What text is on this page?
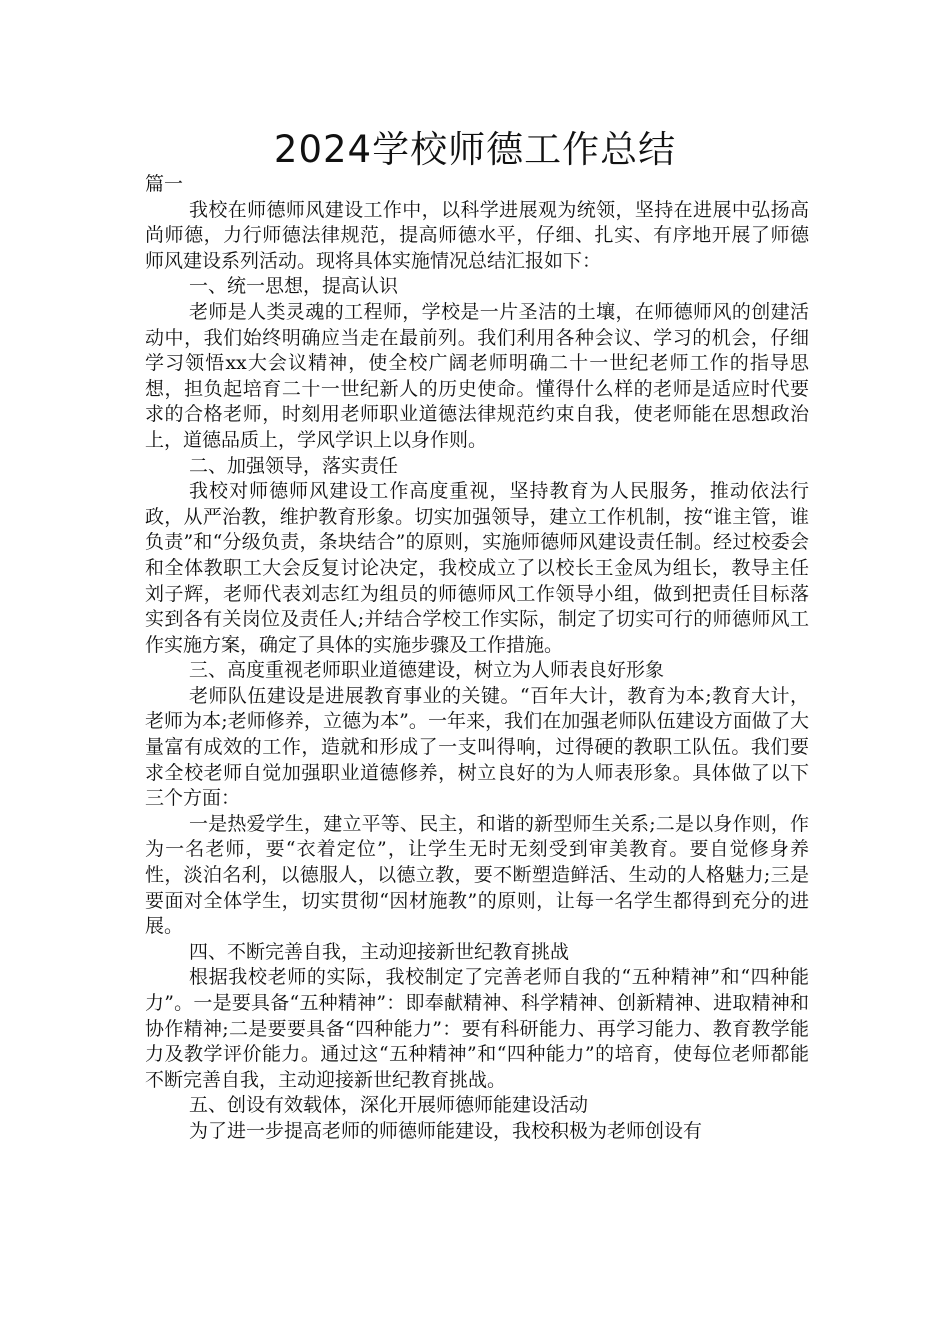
2024学校师德工作总结

篇一

我校在师德师风建设工作中，以科学进展观为统领，坚持在进展中弘扬高尚师德，力行师德法律规范，提高师德水平，仔细、扎实、有序地开展了师德师风建设系列活动。现将具体实施情况总结汇报如下：

一、统一思想，提高认识

老师是人类灵魂的工程师，学校是一片圣洁的土壤，在师德师风的创建活动中，我们始终明确应当走在最前列。我们利用各种会议、学习的机会，仔细学习领悟xx大会议精神，使全校广阔老师明确二十一世纪老师工作的指导思想，担负起培育二十一世纪新人的历史使命。懂得什么样的老师是适应时代要求的合格老师，时刻用老师职业道德法律规范约束自我，使老师能在思想政治上，道德品质上，学风学识上以身作则。

二、加强领导，落实责任

我校对师德师风建设工作高度重视，坚持教育为人民服务，推动依法行政，从严治教，维护教育形象。切实加强领导，建立工作机制，按“谁主管，谁负责”和“分级负责，条块结合”的原则，实施师德师风建设责任制。经过校委会和全体教职工大会反复讨论决定，我校成立了以校长王金凤为组长，教导主任刘子辉，老师代表刘志红为组员的师德师风工作领导小组，做到把责任目标落实到各有关岗位及责任人;并结合学校工作实际，制定了切实可行的师德师风工作实施方案，确定了具体的实施步骤及工作措施。

三、高度重视老师职业道德建设，树立为人师表良好形象

老师队伍建设是进展教育事业的关键。“百年大计，教育为本;教育大计，老师为本;老师修养，立德为本”。一年来，我们在加强老师队伍建设方面做了大量富有成效的工作，造就和形成了一支叫得响，过得硬的教职工队伍。我们要求全校老师自觉加强职业道德修养，树立良好的为人师表形象。具体做了以下三个方面：

一是热爱学生，建立平等、民主，和谐的新型师生关系;二是以身作则，作为一名老师，要“衣着定位”，让学生无时无刻受到审美教育。要自觉修身养性，淡泊名利，以德服人，以德立教，要不断塑造鲜活、生动的人格魅力;三是要面对全体学生，切实贯彻“因材施教”的原则，让每一名学生都得到充分的进展。

四、不断完善自我，主动迎接新世纪教育挑战

根据我校老师的实际，我校制定了完善老师自我的“五种精神”和“四种能力”。一是要具备“五种精神”：即奉献精神、科学精神、创新精神、进取精神和协作精神;二是要要具备“四种能力”：要有科研能力、再学习能力、教育教学能力及教学评价能力。通过这“五种精神”和“四种能力”的培育，使每位老师都能不断完善自我，主动迎接新世纪教育挑战。

五、创设有效载体，深化开展师德师能建设活动

为了进一步提高老师的师德师能建设，我校积极为老师创设有
